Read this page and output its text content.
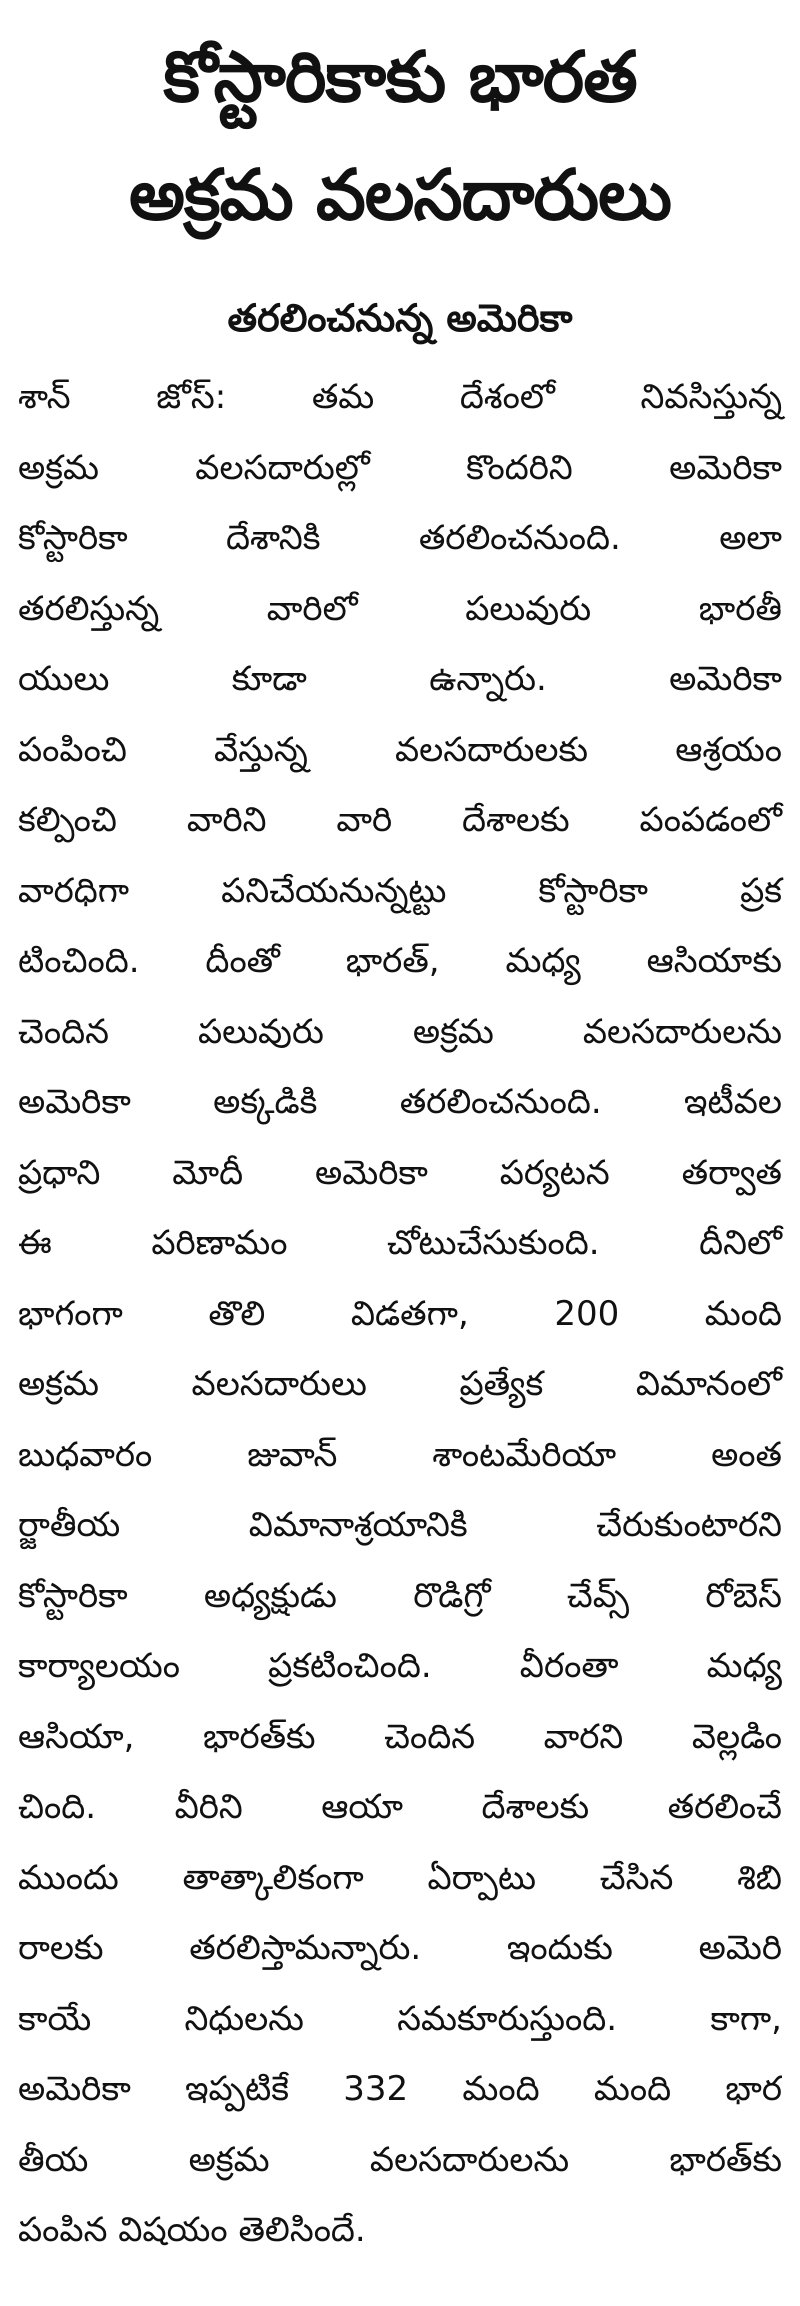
కోస్టారికాకు భారత
అక్రమ వలసదారులు
తరలించనున్న అమెరికా
శాన్ జోస్: తమ దేశంలో నివసిస్తున్న
అక్రమ వలసదారుల్లో కొందరిని అమెరికా
కోస్టారికా దేశానికి తరలించనుంది. అలా
తరలిస్తున్న వారిలో పలువురు భారతీ
యులు కూడా ఉన్నారు. అమెరికా
పంపించి వేస్తున్న వలసదారులకు ఆశ్రయం
కల్పించి వారిని వారి దేశాలకు పంపడంలో
వారధిగా పనిచేయనున్నట్టు కోస్టారికా ప్రక
టించింది. దీంతో భారత్, మధ్య ఆసియాకు
చెందిన పలువురు అక్రమ వలసదారులను
అమెరికా అక్కడికి తరలించనుంది. ఇటీవల
ప్రధాని మోదీ అమెరికా పర్యటన తర్వాత
ఈ పరిణామం చోటుచేసుకుంది. దీనిలో
భాగంగా తొలి విడతగా, 200 మంది
అక్రమ వలసదారులు ప్రత్యేక విమానంలో
బుధవారం జువాన్ శాంటమేరియా అంత
ర్జాతీయ విమానాశ్రయానికి చేరుకుంటారని
కోస్టారికా అధ్యక్షుడు రొడిగ్రో చేవ్స్ రోబెస్
కార్యాలయం ప్రకటించింది. వీరంతా మధ్య
ఆసియా, భారత్‌కు చెందిన వారని వెల్లడిం
చింది. వీరిని ఆయా దేశాలకు తరలించే
ముందు తాత్కాలికంగా ఏర్పాటు చేసిన శిబి
రాలకు తరలిస్తామన్నారు. ఇందుకు అమెరి
కాయే నిధులను సమకూరుస్తుంది. కాగా,
అమెరికా ఇప్పటికే 332 మంది మంది భార
తీయ అక్రమ వలసదారులను భారత్‌కు
పంపిన విషయం తెలిసిందే.
